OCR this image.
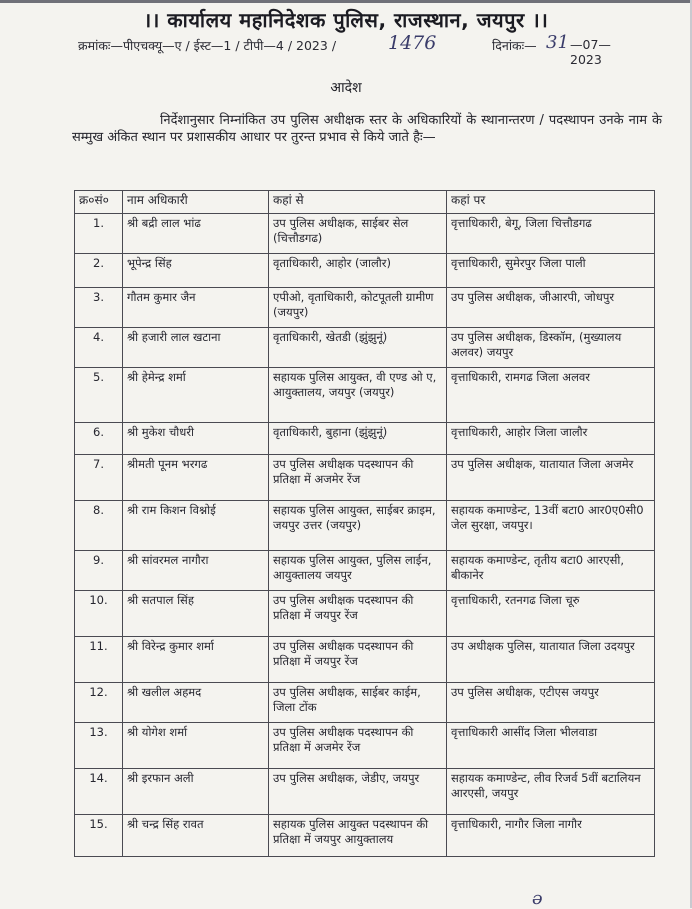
।। कार्यालय महानिदेशक पुलिस, राजस्थान, जयपुर ।।
क्रमांकः—पीएचक्यू—ए / ईस्ट—1 / टीपी—4 / 2023 /	1476	दिनांकः— 31 —07—2023
आदेश
निर्देशानुसार निम्नांकित उप पुलिस अधीक्षक स्तर के अधिकारियों के स्थानान्तरण / पदस्थापन उनके नाम के सम्मुख अंकित स्थान पर प्रशासकीय आधार पर तुरन्त प्रभाव से किये जाते हैः—
क्र०सं०	नाम अधिकारी	कहां से	कहां पर
1.	श्री बद्री लाल भांढ	उप पुलिस अधीक्षक, साईबर सेल (चित्तौडगढ)	वृत्ताधिकारी, बेगू, जिला चित्तौडगढ
2.	भूपेन्द्र सिंह	वृताधिकारी, आहोर (जालौर)	वृत्ताधिकारी, सुमेरपुर जिला पाली
3.	गौतम कुमार जैन	एपीओ, वृताधिकारी, कोटपूतली ग्रामीण (जयपुर)	उप पुलिस अधीक्षक, जीआरपी, जोधपुर
4.	श्री हजारी लाल खटाना	वृताधिकारी, खेतडी (झुंझुनूं)	उप पुलिस अधीक्षक, डिस्कॉम, (मुख्यालय अलवर) जयपुर
5.	श्री हेमेन्द्र शर्मा	सहायक पुलिस आयुक्त, वी एण्ड ओ ए, आयुक्तालय, जयपुर (जयपुर)	वृत्ताधिकारी, रामगढ जिला अलवर
6.	श्री मुकेश चौधरी	वृताधिकारी, बुहाना (झुंझुनूं)	वृत्ताधिकारी, आहोर जिला जालौर
7.	श्रीमती पूनम भरगढ	उप पुलिस अधीक्षक पदस्थापन की प्रतिक्षा में अजमेर रेंज	उप पुलिस अधीक्षक, यातायात जिला अजमेर
8.	श्री राम किशन विश्नोई	सहायक पुलिस आयुक्त, साईबर क्राइम, जयपुर उत्तर (जयपुर)	सहायक कमाण्डेन्ट, 13वीं बटा0 आर0ए0सी0 जेल सुरक्षा, जयपुर।
9.	श्री सांवरमल नागौरा	सहायक पुलिस आयुक्त, पुलिस लाईन, आयुक्तालय जयपुर	सहायक कमाण्डेन्ट, तृतीय बटा0 आरएसी, बीकानेर
10.	श्री सतपाल सिंह	उप पुलिस अधीक्षक पदस्थापन की प्रतिक्षा में जयपुर रेंज	वृत्ताधिकारी, रतनगढ जिला चूरु
11.	श्री विरेन्द्र कुमार शर्मा	उप पुलिस अधीक्षक पदस्थापन की प्रतिक्षा में जयपुर रेंज	उप अधीक्षक पुलिस, यातायात जिला उदयपुर
12.	श्री खलील अहमद	उप पुलिस अधीक्षक, साईबर काईम, जिला टोंक	उप पुलिस अधीक्षक, एटीएस जयपुर
13.	श्री योगेश शर्मा	उप पुलिस अधीक्षक पदस्थापन की प्रतिक्षा में अजमेर रेंज	वृत्ताधिकारी आसींद जिला भीलवाडा
14.	श्री इरफान अली	उप पुलिस अधीक्षक, जेडीए, जयपुर	सहायक कमाण्डेन्ट, लीव रिजर्व 5वीं बटालियन आरएसी, जयपुर
15.	श्री चन्द्र सिंह रावत	सहायक पुलिस आयुक्त पदस्थापन की प्रतिक्षा में जयपुर आयुक्तालय	वृत्ताधिकारी, नागौर जिला नागौर
ə
